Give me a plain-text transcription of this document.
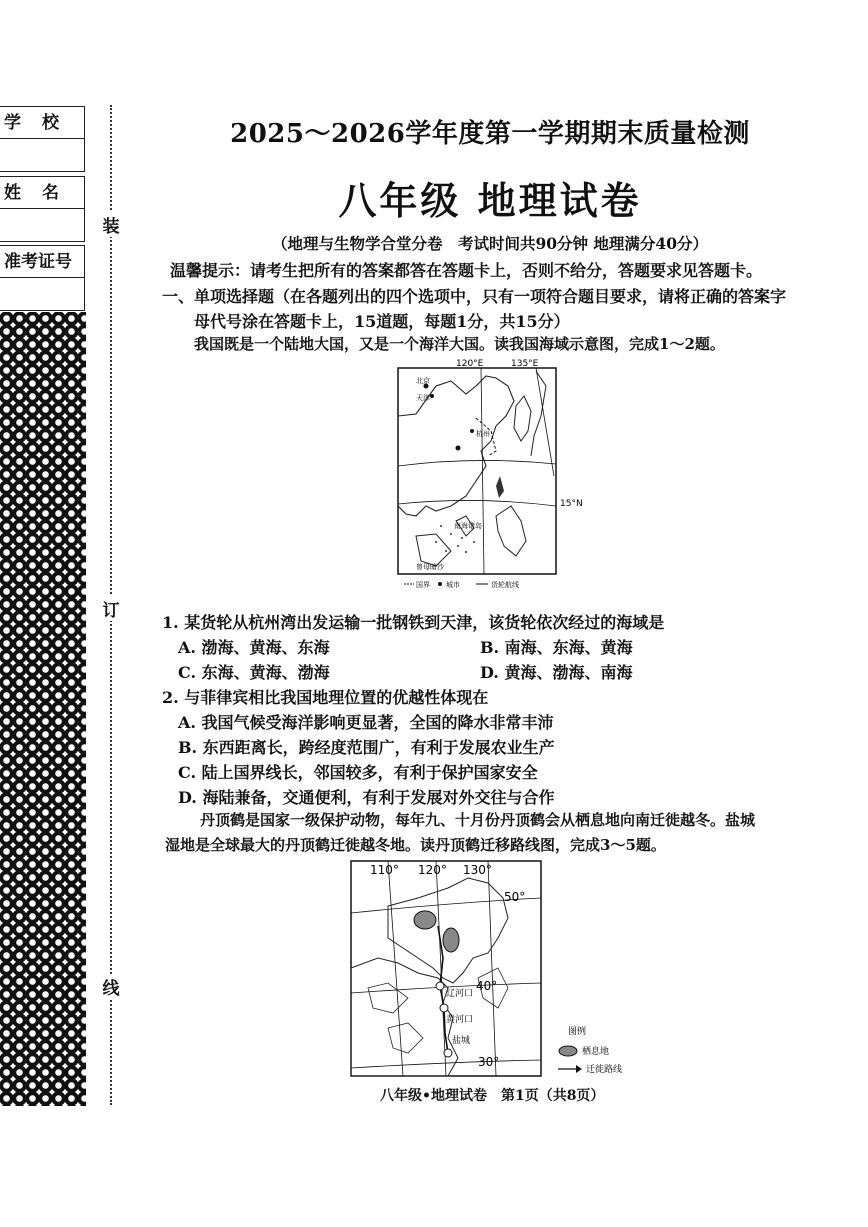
学　校
姓　名
准考证号
装
订
线
2025～2026学年度第一学期期末质量检测
八年级 地理试卷
（地理与生物学合堂分卷　考试时间共90分钟 地理满分40分）
温馨提示：请考生把所有的答案都答在答题卡上，否则不给分，答题要求见答题卡。
一、单项选择题（在各题列出的四个选项中，只有一项符合题目要求，请将正确的答案字
母代号涂在答题卡上，15道题，每题1分，共15分）
我国既是一个陆地大国，又是一个海洋大国。读我国海域示意图，完成1～2题。
120°E	135°E
15°N
北京
天津
杭州
南海诸岛
曾母暗沙
国界 城市	货轮航线
1. 某货轮从杭州湾出发运输一批钢铁到天津，该货轮依次经过的海域是
A. 渤海、黄海、东海	B. 南海、东海、黄海
C. 东海、黄海、渤海	D. 黄海、渤海、南海
2. 与菲律宾相比我国地理位置的优越性体现在
A. 我国气候受海洋影响更显著，全国的降水非常丰沛
B. 东西距离长，跨经度范围广，有利于发展农业生产
C. 陆上国界线长，邻国较多，有利于保护国家安全
D. 海陆兼备，交通便利，有利于发展对外交往与合作
丹顶鹤是国家一级保护动物，每年九、十月份丹顶鹤会从栖息地向南迁徙越冬。盐城
湿地是全球最大的丹顶鹤迁徙越冬地。读丹顶鹤迁移路线图，完成3～5题。
110° 120° 130°
50°
40°
30°
辽河口
黄河口
盐城
图例
栖息地
迁徙路线
八年级•地理试卷　第1页（共8页）
